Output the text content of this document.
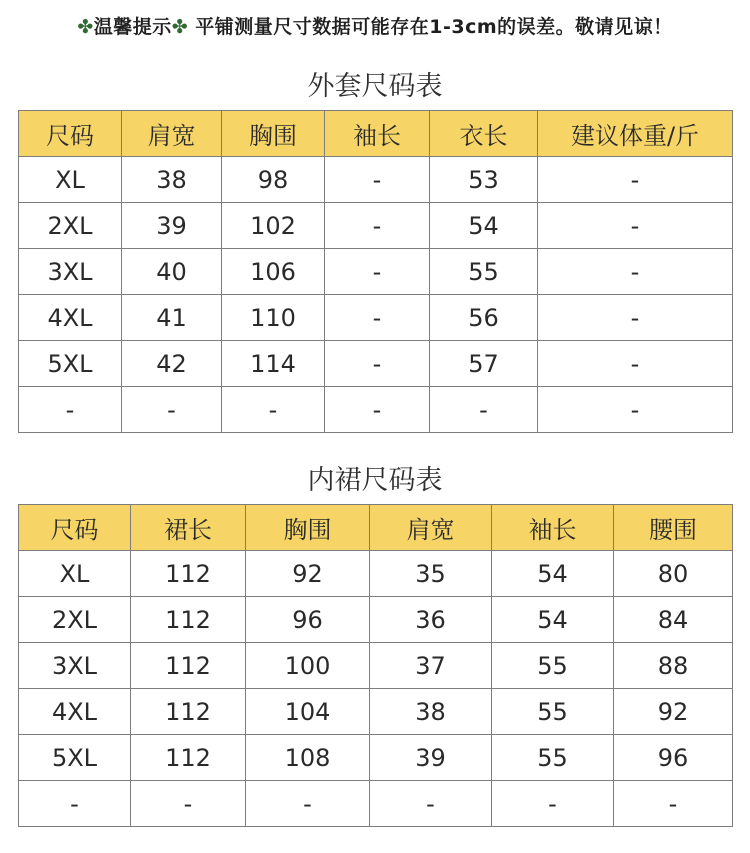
✤温馨提示✤ 平铺测量尺寸数据可能存在1-3cm的误差。敬请见谅！
外套尺码表
尺码	肩宽	胸围	袖长	衣长	建议体重/斤
XL	38	98	-	53	-
2XL	39	102	-	54	-
3XL	40	106	-	55	-
4XL	41	110	-	56	-
5XL	42	114	-	57	-
-	-	-	-	-	-
内裙尺码表
尺码	裙长	胸围	肩宽	袖长	腰围
XL	112	92	35	54	80
2XL	112	96	36	54	84
3XL	112	100	37	55	88
4XL	112	104	38	55	92
5XL	112	108	39	55	96
-	-	-	-	-	-
